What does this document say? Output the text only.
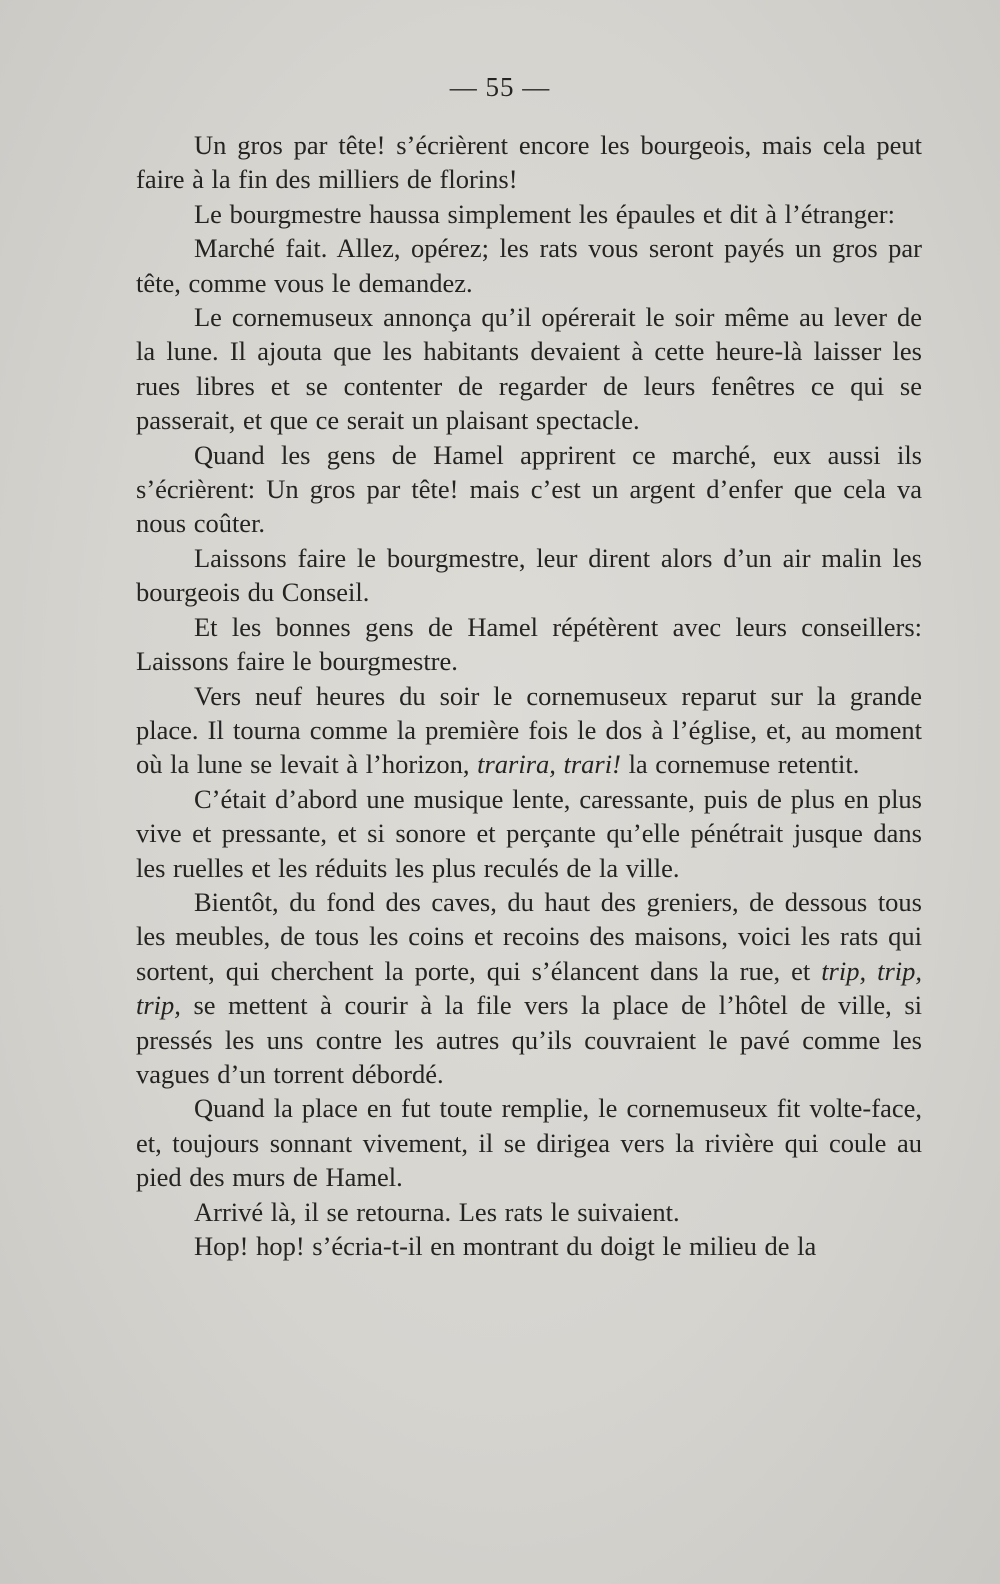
— 55 —

Un gros par tête! s’écrièrent encore les bourgeois, mais cela peut faire à la fin des milliers de florins!

Le bourgmestre haussa simplement les épaules et dit à l’étranger:

Marché fait. Allez, opérez; les rats vous seront payés un gros par tête, comme vous le demandez.

Le cornemuseux annonça qu’il opérerait le soir même au lever de la lune. Il ajouta que les habitants devaient à cette heure-là laisser les rues libres et se contenter de regarder de leurs fenêtres ce qui se passerait, et que ce serait un plaisant spectacle.

Quand les gens de Hamel apprirent ce marché, eux aussi ils s’écrièrent: Un gros par tête! mais c’est un argent d’enfer que cela va nous coûter.

Laissons faire le bourgmestre, leur dirent alors d’un air malin les bourgeois du Conseil.

Et les bonnes gens de Hamel répétèrent avec leurs conseillers: Laissons faire le bourgmestre.

Vers neuf heures du soir le cornemuseux reparut sur la grande place. Il tourna comme la première fois le dos à l’église, et, au moment où la lune se levait à l’horizon, trarira, trari! la cornemuse retentit.

C’était d’abord une musique lente, caressante, puis de plus en plus vive et pressante, et si sonore et perçante qu’elle pénétrait jusque dans les ruelles et les réduits les plus reculés de la ville.

Bientôt, du fond des caves, du haut des greniers, de dessous tous les meubles, de tous les coins et recoins des maisons, voici les rats qui sortent, qui cherchent la porte, qui s’élancent dans la rue, et trip, trip, trip, se mettent à courir à la file vers la place de l’hôtel de ville, si pressés les uns contre les autres qu’ils couvraient le pavé comme les vagues d’un torrent débordé.

Quand la place en fut toute remplie, le cornemuseux fit volte-face, et, toujours sonnant vivement, il se dirigea vers la rivière qui coule au pied des murs de Hamel.

Arrivé là, il se retourna. Les rats le suivaient.

Hop! hop! s’écria-t-il en montrant du doigt le milieu de la
